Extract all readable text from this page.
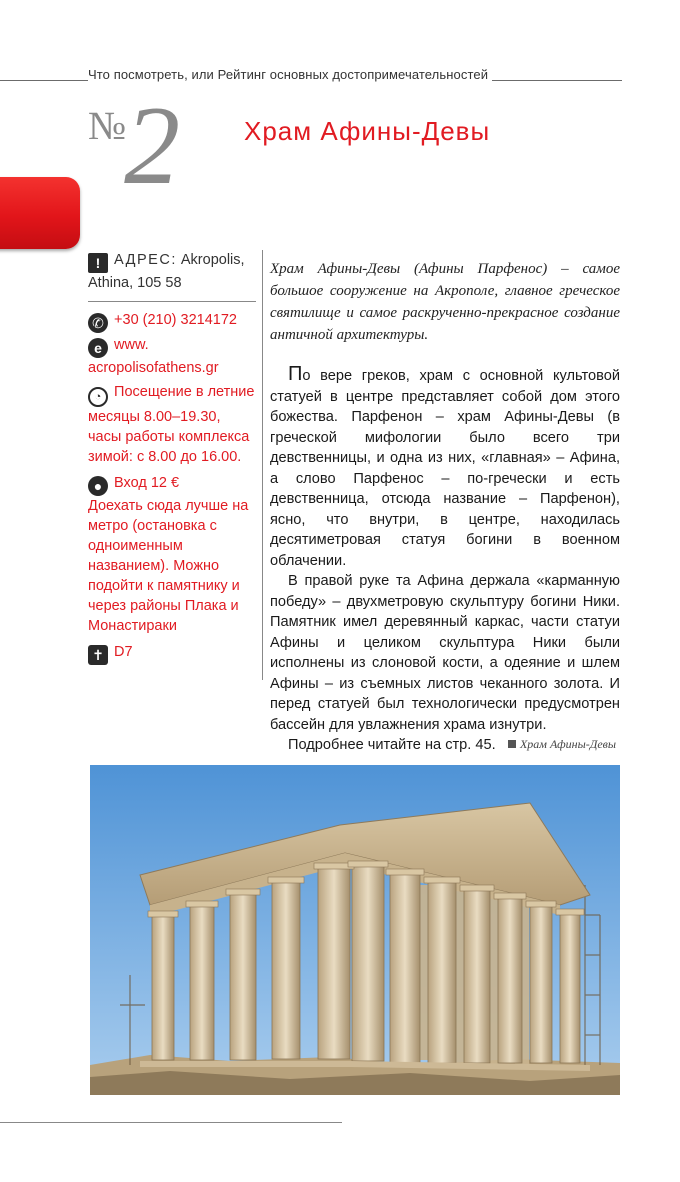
Что посмотреть, или Рейтинг основных достопримечательностей
№2 Храм Афины-Девы
! АДРЕС: Akropolis,
Athina, 105 58
✆ +30 (210) 3214172
e www.
acropolisofathens.gr
◔ Посещение в летние месяцы 8.00–19.30, часы работы комплекса зимой: с 8.00 до 16.00.
● Вход 12 €
Доехать сюда лучше на метро (остановка с одноименным названием). Можно подойти к памятнику и через районы Плака и Монастираки
✝ D7

Храм Афины-Девы (Афины Парфенос) – самое большое сооружение на Акрополе, главное греческое святилище и самое раскрученно-прекрасное создание античной архитектуры.

По вере греков, храм с основной культовой статуей в центре представляет собой дом этого божества. Парфенон – храм Афины-Девы (в греческой мифологии было всего три девственницы, и одна из них, «главная» – Афина, а слово Парфенос – по-гречески и есть девственница, отсюда название – Парфенон), ясно, что внутри, в центре, находилась десятиметровая статуя богини в военном облачении.

В правой руке та Афина держала «карманную победу» – двухметровую скульптуру богини Ники. Памятник имел деревянный каркас, части статуи Афины и целиком скульптура Ники были исполнены из слоновой кости, а одеяние и шлем Афины – из съемных листов чеканного золота. И перед статуей был технологически предусмотрен бассейн для увлажнения храма изнутри.

Подробнее читайте на стр. 45.	Храм Афины-Девы
